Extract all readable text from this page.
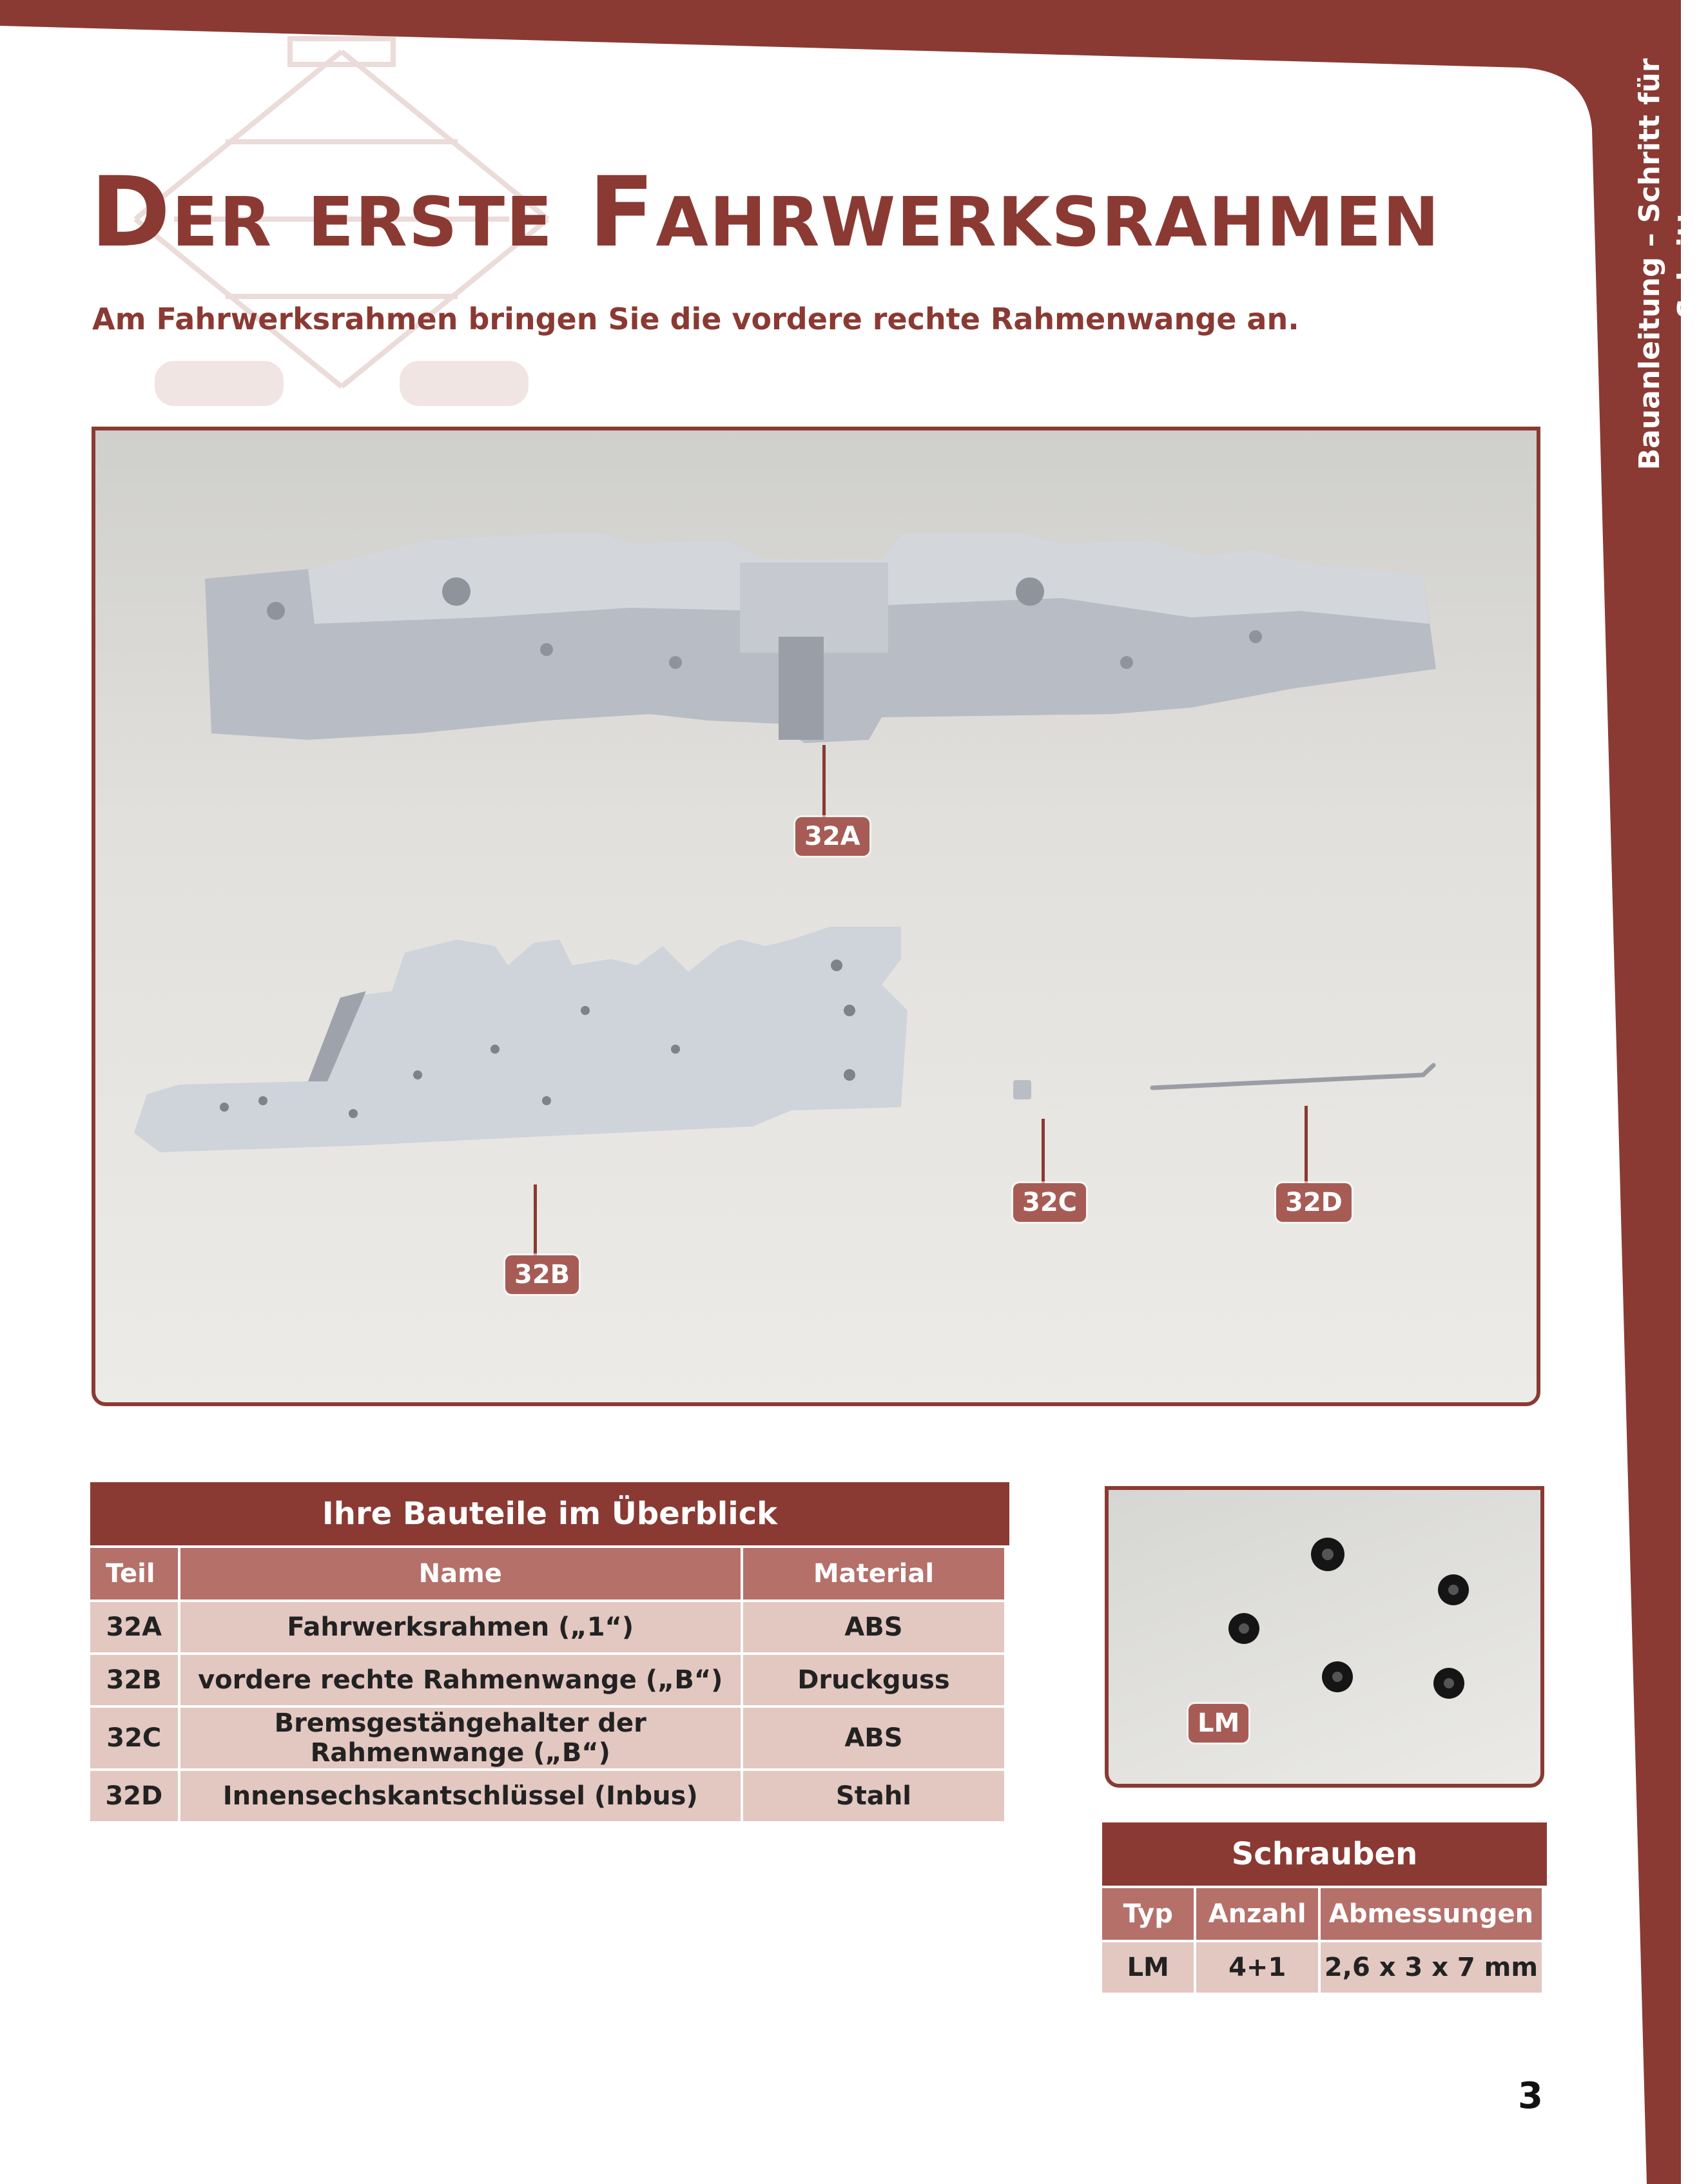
Bauanleitung – Schritt für Schritt
Der erste Fahrwerksrahmen
Am Fahrwerksrahmen bringen Sie die vordere rechte Rahmenwange an.
32A
32B
32C	32D
Ihre Bauteile im Überblick
Teil	Name	Material
32A	Fahrwerksrahmen („1“)	ABS
32B	vordere rechte Rahmenwange („B“)	Druckguss
32C	Bremsgestängehalter der Rahmenwange („B“)	ABS
32D	Innensechskantschlüssel (Inbus)	Stahl
LM
Schrauben
Typ	Anzahl	Abmessungen
LM	4+1	2,6 x 3 x 7 mm
3
